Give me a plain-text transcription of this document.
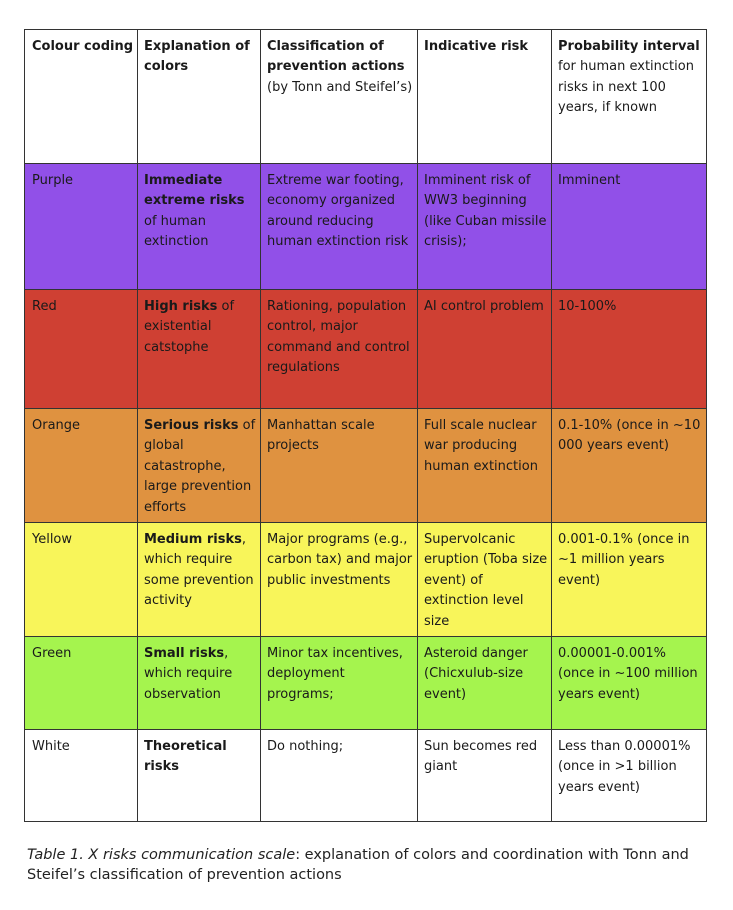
Colour coding	Explanation of colors	Classification of prevention actions (by Tonn and Steifel’s)	Indicative risk	Probability interval
for human extinction risks in next 100 years, if known
Purple	Immediate extreme risks of human extinction	Extreme war footing, economy organized around reducing human extinction risk	Imminent risk of WW3 beginning (like Cuban missile crisis);	Imminent
Red	High risks of existential catstophe	Rationing, population control, major command and control regulations	AI control problem	10-100%
Orange	Serious risks of global catastrophe, large prevention efforts	Manhattan scale projects	Full scale nuclear war producing human extinction	0.1-10% (once in ~10 000 years event)
Yellow	Medium risks, which require some prevention activity	Major programs (e.g., carbon tax) and major public investments	Supervolcanic eruption (Toba size event) of extinction level size	0.001-0.1% (once in ~1 million years event)
Green	Small risks, which require observation	Minor tax incentives, deployment programs;	Asteroid danger (Chicxulub-size event)	0.00001-0.001% (once in ~100 million years event)
White	Theoretical risks	Do nothing;	Sun becomes red giant	Less than 0.00001% (once in >1 billion years event)
Table 1. X risks communication scale: explanation of colors and coordination with Tonn and Steifel’s classification of prevention actions
